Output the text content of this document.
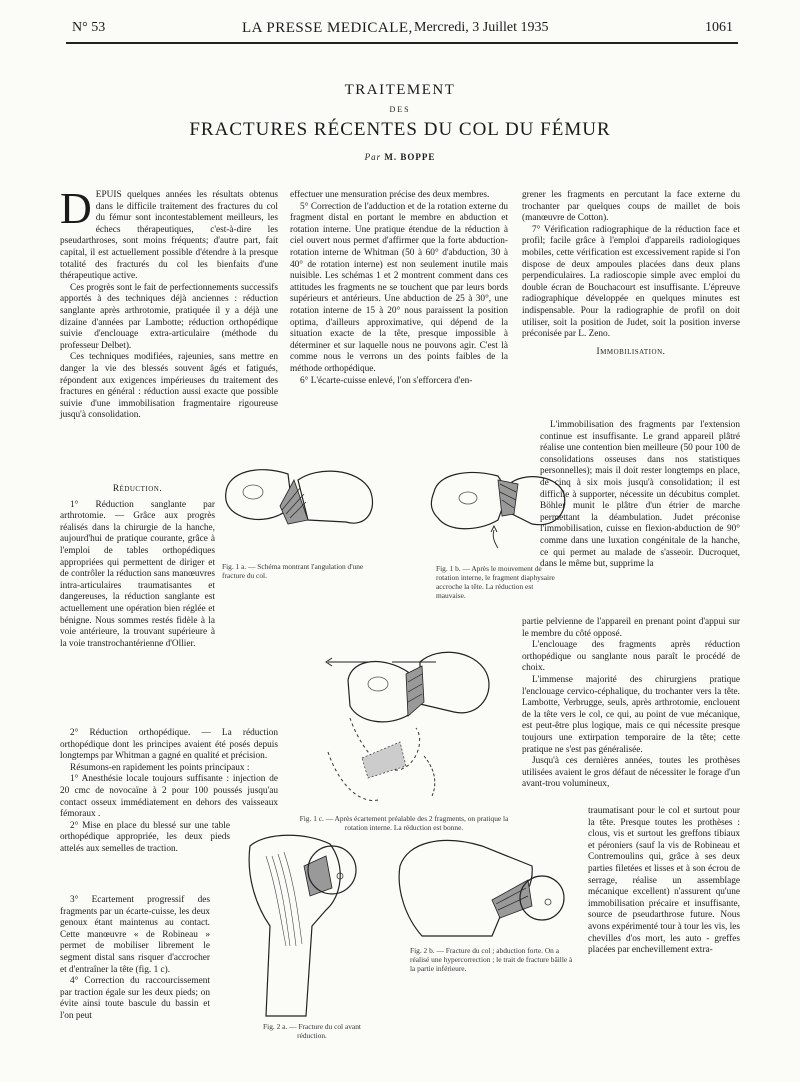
N° 53	LA PRESSE MEDICALE, Mercredi, 3 Juillet 1935	1061
TRAITEMENT
DES
FRACTURES RÉCENTES DU COL DU FÉMUR
Par M. BOPPE

DEPUIS quelques années les résultats obtenus dans le difficile traitement des fractures du col du fémur sont incontestablement meilleurs, les échecs thérapeutiques, c'est-à-dire les pseudarthroses, sont moins fréquents; d'autre part, fait capital, il est actuellement possible d'étendre à la presque totalité des fracturés du col les bienfaits d'une thérapeutique active.

Ces progrès sont le fait de perfectionnements successifs apportés à des techniques déjà anciennes : réduction sanglante après arthrotomie, pratiquée il y a déjà une dizaine d'années par Lambotte; réduction orthopédique suivie d'enclouage extra-articulaire (méthode du professeur Delbet).

Ces techniques modifiées, rajeunies, sans mettre en danger la vie des blessés souvent âgés et fatigués, répondent aux exigences impérieuses du traitement des fractures en général : réduction aussi exacte que possible suivie d'une immobilisation fragmentaire rigoureuse jusqu'à consolidation.

Réduction.

1° Réduction sanglante par arthrotomie. — Grâce aux progrès réalisés dans la chirurgie de la hanche, aujourd'hui de pratique courante, grâce à l'emploi de tables orthopédiques appropriées qui permettent de diriger et de contrôler la réduction sans manœuvres intra-articulaires traumatisantes et dangereuses, la réduction sanglante est actuellement une opération bien réglée et bénigne. Nous sommes restés fidèle à la voie antérieure, la trouvant supérieure à la voie transtrochantérienne d'Ollier.

2° Réduction orthopédique. — La réduction orthopédique dont les principes avaient été posés depuis longtemps par Whitman a gagné en qualité et précision.

Résumons-en rapidement les points principaux :

1° Anesthésie locale toujours suffisante : injection de 20 cmc de novocaïne à 2 pour 100 poussés jusqu'au contact osseux immédiatement en dehors des vaisseaux fémoraux .

2° Mise en place du blessé sur une table orthopédique appropriée, les deux pieds attelés aux semelles de traction.

3° Ecartement progressif des fragments par un écarte-cuisse, les deux genoux étant maintenus au contact. Cette manœuvre « de Robineau » permet de mobiliser librement le segment distal sans risquer d'accrocher et d'entraîner la tête (fig. 1 c).

4° Correction du raccourcissement par traction égale sur les deux pieds; on évite ainsi toute bascule du bassin et l'on peut

effectuer une mensuration précise des deux membres.

5° Correction de l'adduction et de la rotation externe du fragment distal en portant le membre en abduction et rotation interne. Une pratique étendue de la réduction à ciel ouvert nous permet d'affirmer que la forte abduction-rotation interne de Whitman (50 à 60° d'abduction, 30 à 40° de rotation interne) est non seulement inutile mais nuisible. Les schémas 1 et 2 montrent comment dans ces attitudes les fragments ne se touchent que par leurs bords supérieurs et antérieurs. Une abduction de 25 à 30°, une rotation interne de 15 à 20° nous paraissent la position optima, d'ailleurs approximative, qui dépend de la situation exacte de la tête, presque impossible à déterminer et sur laquelle nous ne pouvons agir. C'est là comme nous le verrons un des points faibles de la méthode orthopédique.

6° L'écarte-cuisse enlevé, l'on s'efforcera d'en-

grener les fragments en percutant la face externe du trochanter par quelques coups de maillet de bois (manœuvre de Cotton).

7° Vérification radiographique de la réduction face et profil; facile grâce à l'emploi d'appareils radiologiques mobiles, cette vérification est excessivement rapide si l'on dispose de deux ampoules placées dans deux plans perpendiculaires. La radioscopie simple avec emploi du double écran de Bouchacourt est insuffisante. L'épreuve radiographique développée en quelques minutes est indispensable. Pour la radiographie de profil on doit utiliser, soit la position de Judet, soit la position inverse préconisée par L. Zeno.

Immobilisation.

L'immobilisation des fragments par l'extension continue est insuffisante. Le grand appareil plâtré réalise une contention bien meilleure (50 pour 100 de consolidations osseuses dans nos statistiques personnelles); mais il doit rester longtemps en place, de cinq à six mois jusqu'à consolidation; il est difficile à supporter, nécessite un décubitus complet. Böhler munit le plâtre d'un étrier de marche permettant la déambulation. Judet préconise l'immobilisation, cuisse en flexion-abduction de 90° comme dans une luxation congénitale de la hanche, ce qui permet au malade de s'asseoir. Ducroquet, dans le même but, supprime la

partie pelvienne de l'appareil en prenant point d'appui sur le membre du côté opposé.

L'enclouage des fragments après réduction orthopédique ou sanglante nous paraît le procédé de choix.

L'immense majorité des chirurgiens pratique l'enclouage cervico-céphalique, du trochanter vers la tête. Lambotte, Verbrugge, seuls, après arthrotomie, enclouent de la tête vers le col, ce qui, au point de vue mécanique, est peut-être plus logique, mais ce qui nécessite presque toujours une extirpation temporaire de la tête; cette pratique ne s'est pas généralisée.

Jusqu'à ces dernières années, toutes les prothèses utilisées avaient le gros défaut de nécessiter le forage d'un avant-trou volumineux,

traumatisant pour le col et surtout pour la tête. Presque toutes les prothèses : clous, vis et surtout les greffons tibiaux et péroniers (sauf la vis de Robineau et Contremoulins qui, grâce à ses deux parties filetées et lisses et à son écrou de serrage, réalise un assemblage mécanique excellent) n'assurent qu'une immobilisation précaire et insuffisante, source de pseudarthrose future. Nous avons expérimenté tour à tour les vis, les chevilles d'os mort, les auto - greffes placées par enchevillement extra-

Fig. 1 a. — Schéma montrant l'angulation d'une fracture du col.
Fig. 1 b. — Après le mouvement de rotation interne, le fragment diaphysaire accroche la tête. La réduction est mauvaise.
Fig. 1 c. — Après écartement préalable des 2 fragments, on pratique la rotation interne. La réduction est bonne.
Fig. 2 a. — Fracture du col avant réduction.
Fig. 2 b. — Fracture du col ; abduction forte. On a réalisé une hypercorrection ; le trait de fracture bâille à la partie inférieure.
